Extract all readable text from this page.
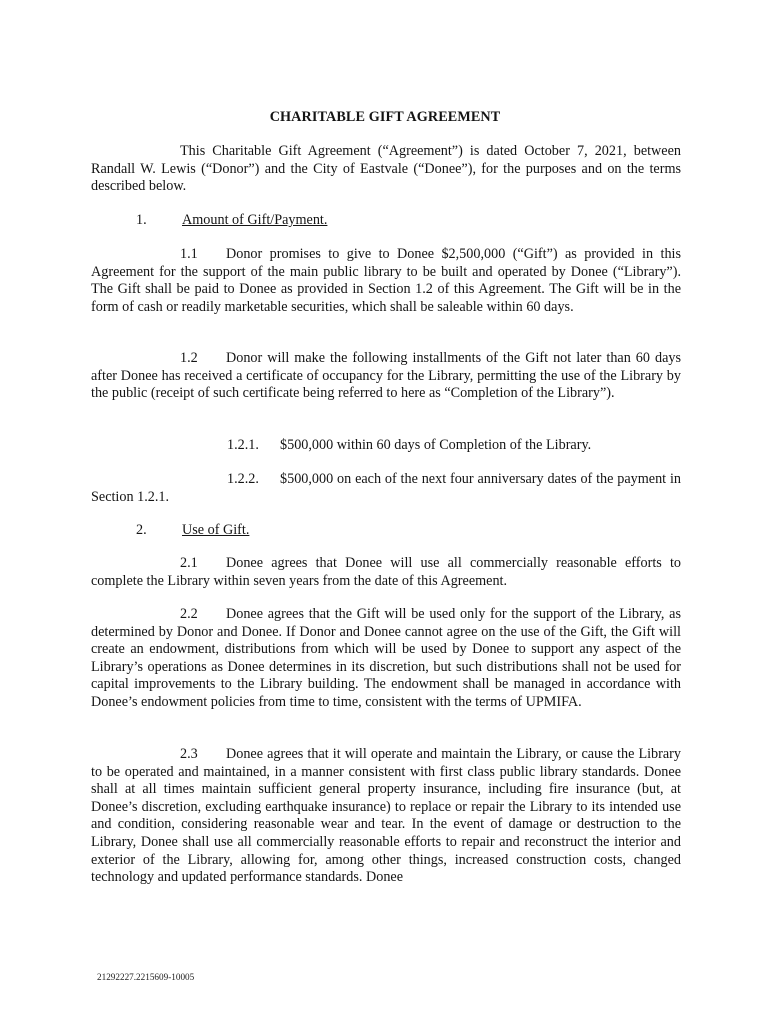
CHARITABLE GIFT AGREEMENT

This Charitable Gift Agreement (“Agreement”) is dated October 7, 2021, between Randall W. Lewis (“Donor”) and the City of Eastvale (“Donee”), for the purposes and on the terms described below.

1. Amount of Gift/Payment.

1.1 Donor promises to give to Donee $2,500,000 (“Gift”) as provided in this Agreement for the support of the main public library to be built and operated by Donee (“Library”). The Gift shall be paid to Donee as provided in Section 1.2 of this Agreement. The Gift will be in the form of cash or readily marketable securities, which shall be saleable within 60 days.

1.2 Donor will make the following installments of the Gift not later than 60 days after Donee has received a certificate of occupancy for the Library, permitting the use of the Library by the public (receipt of such certificate being referred to here as “Completion of the Library”).

1.2.1. $500,000 within 60 days of Completion of the Library.

1.2.2. $500,000 on each of the next four anniversary dates of the payment in Section 1.2.1.

2. Use of Gift.

2.1 Donee agrees that Donee will use all commercially reasonable efforts to complete the Library within seven years from the date of this Agreement.

2.2 Donee agrees that the Gift will be used only for the support of the Library, as determined by Donor and Donee. If Donor and Donee cannot agree on the use of the Gift, the Gift will create an endowment, distributions from which will be used by Donee to support any aspect of the Library’s operations as Donee determines in its discretion, but such distributions shall not be used for capital improvements to the Library building. The endowment shall be managed in accordance with Donee’s endowment policies from time to time, consistent with the terms of UPMIFA.

2.3 Donee agrees that it will operate and maintain the Library, or cause the Library to be operated and maintained, in a manner consistent with first class public library standards. Donee shall at all times maintain sufficient general property insurance, including fire insurance (but, at Donee’s discretion, excluding earthquake insurance) to replace or repair the Library to its intended use and condition, considering reasonable wear and tear. In the event of damage or destruction to the Library, Donee shall use all commercially reasonable efforts to repair and reconstruct the interior and exterior of the Library, allowing for, among other things, increased construction costs, changed technology and updated performance standards. Donee

21292227.2215609-10005
